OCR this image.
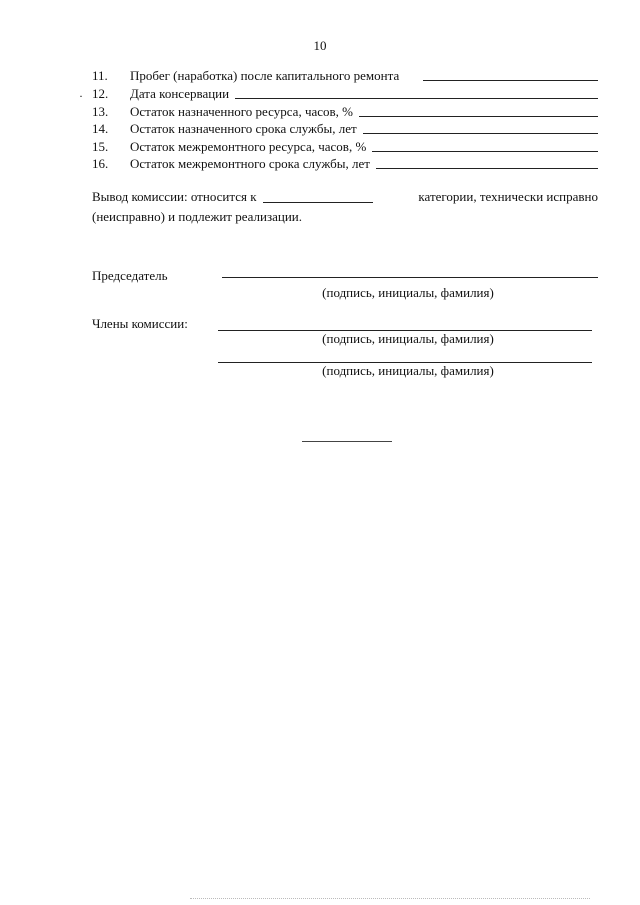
10
·
11.	Пробег (наработка) после капитального ремонта
12.	Дата консервации
13.	Остаток назначенного ресурса, часов, %
14.	Остаток назначенного срока службы, лет
15.	Остаток межремонтного ресурса, часов, %
16.	Остаток межремонтного срока службы, лет
Вывод комиссии: относится к	категории, технически исправно
(неисправно) и подлежит реализации.
Председатель
(подпись, инициалы, фамилия)
Члены комиссии:
(подпись, инициалы, фамилия)
(подпись, инициалы, фамилия)
